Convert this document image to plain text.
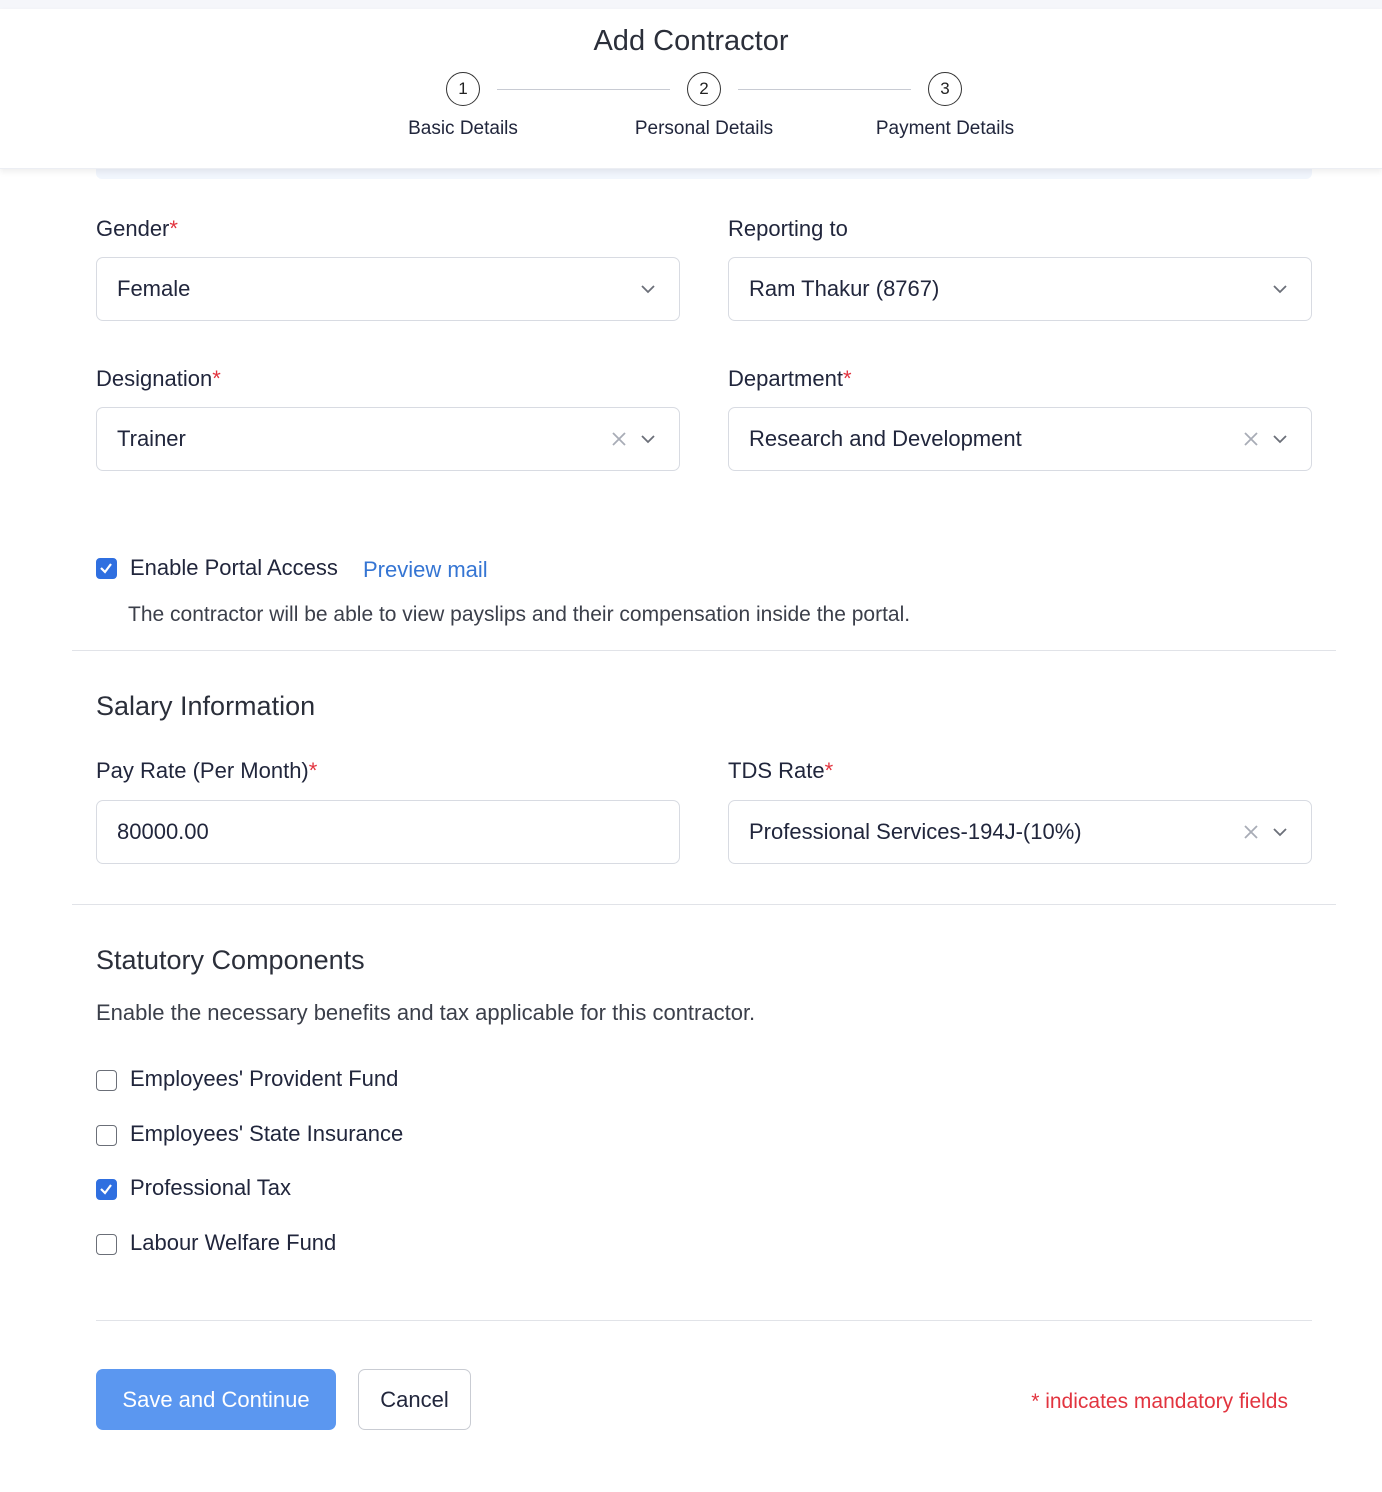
Add Contractor
1	2	3
Basic Details	Personal Details	Payment Details
Gender*
Female
Reporting to
Ram Thakur (8767)
Designation*
Trainer
Department*
Research and Development
Enable Portal Access Preview mail
The contractor will be able to view payslips and their compensation inside the portal.
Salary Information
Pay Rate (Per Month)*
80000.00
TDS Rate*
Professional Services-194J-(10%)
Statutory Components
Enable the necessary benefits and tax applicable for this contractor.
Employees' Provident Fund
Employees' State Insurance
Professional Tax
Labour Welfare Fund
Save and Continue	Cancel	* indicates mandatory fields
